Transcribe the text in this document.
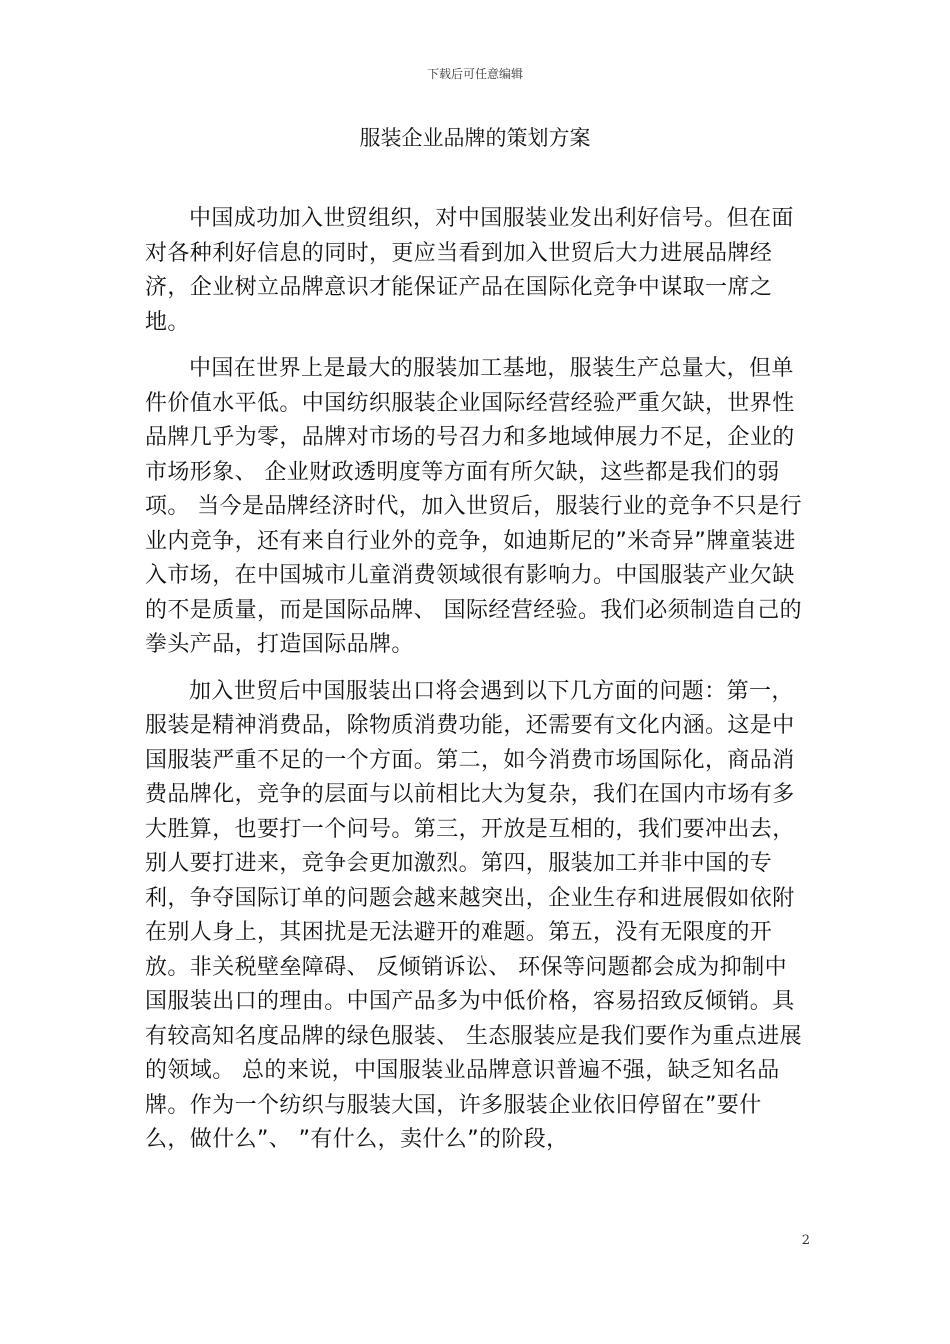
下载后可任意编辑
服装企业品牌的策划方案

中国成功加入世贸组织，对中国服装业发出利好信号。但在面对各种利好信息的同时，更应当看到加入世贸后大力进展品牌经济，企业树立品牌意识才能保证产品在国际化竞争中谋取一席之地。

中国在世界上是最大的服装加工基地，服装生产总量大，但单件价值水平低。中国纺织服装企业国际经营经验严重欠缺，世界性品牌几乎为零，品牌对市场的号召力和多地域伸展力不足，企业的市场形象、 企业财政透明度等方面有所欠缺，这些都是我们的弱项。 当今是品牌经济时代，加入世贸后，服装行业的竞争不只是行业内竞争，还有来自行业外的竞争，如迪斯尼的”米奇异”牌童装进入市场，在中国城市儿童消费领域很有影响力。中国服装产业欠缺的不是质量，而是国际品牌、 国际经营经验。我们必须制造自己的拳头产品，打造国际品牌。

加入世贸后中国服装出口将会遇到以下几方面的问题：第一，服装是精神消费品，除物质消费功能，还需要有文化内涵。这是中国服装严重不足的一个方面。第二，如今消费市场国际化，商品消费品牌化，竞争的层面与以前相比大为复杂，我们在国内市场有多大胜算，也要打一个问号。第三，开放是互相的，我们要冲出去，别人要打进来，竞争会更加激烈。第四，服装加工并非中国的专利，争夺国际订单的问题会越来越突出，企业生存和进展假如依附在别人身上，其困扰是无法避开的难题。第五，没有无限度的开放。非关税壁垒障碍、 反倾销诉讼、 环保等问题都会成为抑制中国服装出口的理由。中国产品多为中低价格，容易招致反倾销。具有较高知名度品牌的绿色服装、 生态服装应是我们要作为重点进展的领域。 总的来说，中国服装业品牌意识普遍不强，缺乏知名品牌。作为一个纺织与服装大国，许多服装企业依旧停留在”要什么，做什么”、 ”有什么，卖什么”的阶段，

2
